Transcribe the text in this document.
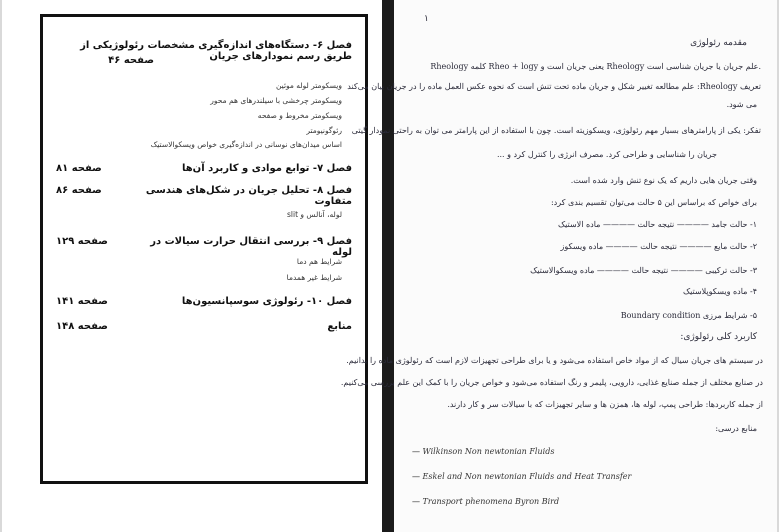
فصل ۶- دستگاه‌های اندازه‌گیری مشخصات رئولوژیکی از طریق رسم نمودارهای جریان
صفحه ۴۶
ویسکومتر لوله موئین
ویسکومتر چرخشی با سیلندرهای هم محور
ویسکومتر مخروط و صفحه
رئوگونیومتر
اساس میدان‌های نوسانی در اندازه‌گیری خواص ویسکوالاستیک
فصل ۷- توابع موادی و کاربرد آن‌ها
صفحه ۸۱
فصل ۸- تحلیل جریان در شکل‌های هندسی متفاوت
صفحه ۸۶
لوله، آنالس و slit
فصل ۹- بررسی انتقال حرارت سیالات در لوله
صفحه ۱۲۹
شرایط هم دما
شرایط غیر همدما
فصل ۱۰- رئولوژی سوسپانسیون‌ها
صفحه ۱۴۱
منابع
صفحه ۱۴۸
۱
مقدمه رئولوژی
Rheology کلمه Rheo + logy یعنی جریان است و Rheology علم جریان یا جریان شناسی است.
تعریف Rheology: علم مطالعه تغییر شکل و جریان ماده تحت تنش است که نحوه عکس العمل ماده را در جریان بیان می‌کند
می شود.
تفکر: یکی از پارامترهای بسیار مهم رئولوژی، ویسکوزیته است. چون با استفاده از این پارامتر می توان به راحتی نمودار گیتی
جریان را شناسایی و طراحی کرد. مصرف انرژی را کنترل کرد و ...
وقتی جریان هایی داریم که یک نوع تنش وارد شده است.
برای خواص که براساس این ۵ حالت می‌توان تقسیم بندی کرد:
۱- حالت جامد ———— نتیجه حالت ———— ماده الاستیک
۲- حالت مایع ———— نتیجه حالت ———— ماده ویسکوز
۳- حالت ترکیبی ———— نتیجه حالت ———— ماده ویسکوالاستیک
۴- ماده ویسکوپلاستیک
۵- شرایط مرزی Boundary condition
کاربرد کلی رئولوژی:
در سیستم های جریان سیال که از مواد خاص استفاده می‌شود و یا برای طراحی تجهیزات لازم است که رئولوژی ماده را بدانیم.
در صنایع مختلف از جمله صنایع غذایی، دارویی، پلیمر و رنگ استفاده می‌شود و خواص جریان را با کمک این علم بررسی می‌کنیم.
از جمله کاربردها: طراحی پمپ، لوله ها، همزن ها و سایر تجهیزات که با سیالات سر و کار دارند.
منابع درسی:
— Wilkinson Non newtonian Fluids
— Eskel and Non newtonian Fluids and Heat Transfer
— Transport phenomena Byron Bird
